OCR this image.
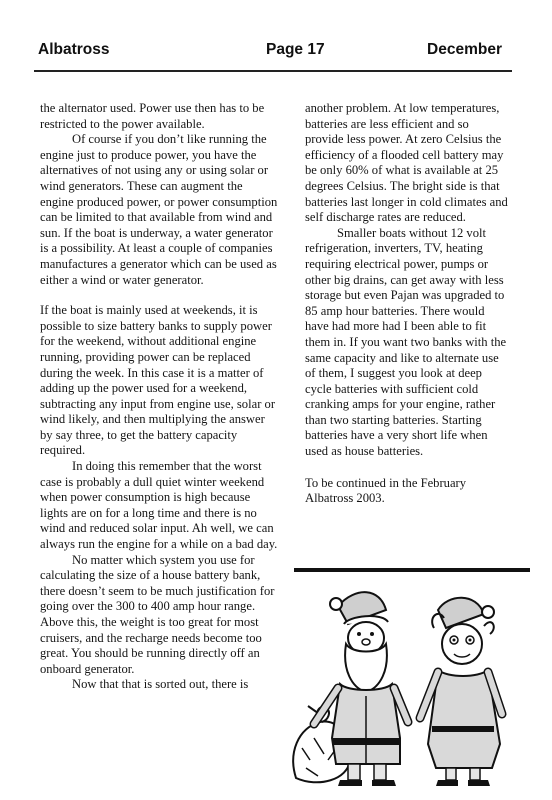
Albatross	Page 17	December

the alternator used. Power use then has to be restricted to the power available.

Of course if you don’t like running the engine just to produce power, you have the alternatives of not using any or using solar or wind generators. These can augment the engine produced power, or power consumption can be limited to that available from wind and sun. If the boat is underway, a water generator is a possibility. At least a couple of companies manufactures a generator which can be used as either a wind or water generator.

If the boat is mainly used at weekends, it is possible to size battery banks to supply power for the weekend, without additional engine running, providing power can be replaced during the week. In this case it is a matter of adding up the power used for a weekend, subtracting any input from engine use, solar or wind likely, and then multiplying the answer by say three, to get the battery capacity required.

In doing this remember that the worst case is probably a dull quiet winter weekend when power consumption is high because lights are on for a long time and there is no wind and reduced solar input. Ah well, we can always run the engine for a while on a bad day.

No matter which system you use for calculating the size of a house battery bank, there doesn’t seem to be much justification for going over the 300 to 400 amp hour range. Above this, the weight is too great for most cruisers, and the recharge needs become too great. You should be running directly off an onboard generator.

Now that that is sorted out, there is

another problem. At low temperatures, batteries are less efficient and so provide less power. At zero Celsius the efficiency of a flooded cell battery may be only 60% of what is available at 25 degrees Celsius. The bright side is that batteries last longer in cold climates and self discharge rates are reduced.

Smaller boats without 12 volt refrigeration, inverters, TV, heating requiring electrical power, pumps or other big drains, can get away with less storage but even Pajan was upgraded to 85 amp hour batteries. There would have had more had I been able to fit them in. If you want two banks with the same capacity and like to alternate use of them, I suggest you look at deep cycle batteries with sufficient cold cranking amps for your engine, rather than two starting batteries. Starting batteries have a very short life when used as house batteries.

To be continued in the February Albatross 2003.
